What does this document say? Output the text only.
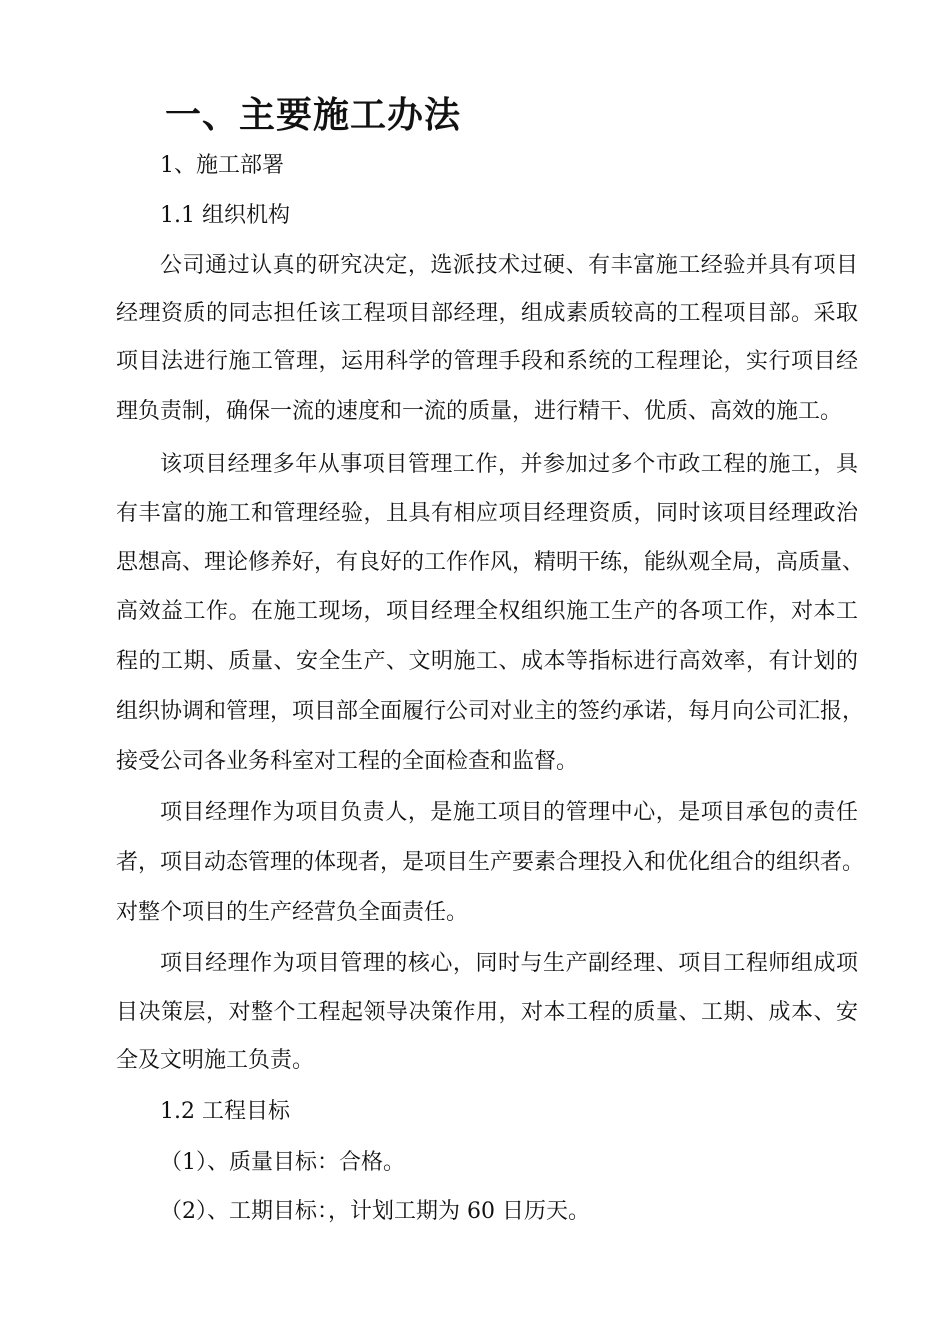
一、主要施工办法
1、施工部署
1.1 组织机构
公司通过认真的研究决定，选派技术过硬、有丰富施工经验并具有项目
经理资质的同志担任该工程项目部经理，组成素质较高的工程项目部。采取
项目法进行施工管理，运用科学的管理手段和系统的工程理论，实行项目经
理负责制，确保一流的速度和一流的质量，进行精干、优质、高效的施工。
该项目经理多年从事项目管理工作，并参加过多个市政工程的施工，具
有丰富的施工和管理经验，且具有相应项目经理资质，同时该项目经理政治
思想高、理论修养好，有良好的工作作风，精明干练，能纵观全局，高质量、
高效益工作。在施工现场，项目经理全权组织施工生产的各项工作，对本工
程的工期、质量、安全生产、文明施工、成本等指标进行高效率，有计划的
组织协调和管理，项目部全面履行公司对业主的签约承诺，每月向公司汇报，
接受公司各业务科室对工程的全面检查和监督。
项目经理作为项目负责人，是施工项目的管理中心，是项目承包的责任
者，项目动态管理的体现者，是项目生产要素合理投入和优化组合的组织者。
对整个项目的生产经营负全面责任。
项目经理作为项目管理的核心，同时与生产副经理、项目工程师组成项
目决策层，对整个工程起领导决策作用，对本工程的质量、工期、成本、安
全及文明施工负责。
1.2 工程目标
（1）、质量目标：合格。
（2）、工期目标：，计划工期为 60 日历天。
